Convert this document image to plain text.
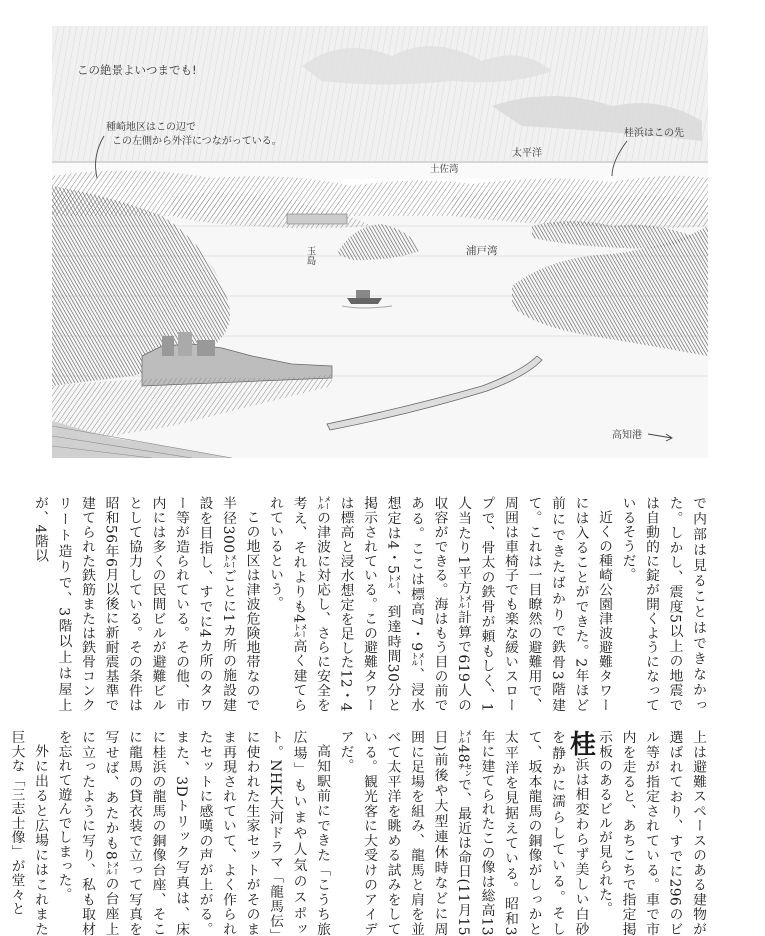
この絶景よいつまでも!
種崎地区はこの辺で
この左側から外洋につながっている。
桂浜はこの先
土佐湾
太平洋
玉島	浦戸湾
高知港

で内部は見ることはできなかった。しかし、震度5以上の地震では自動的に錠が開くようになっているそうだ。

近くの種崎公園津波避難タワーには入ることができた。2年ほど前にできたばかりで鉄骨3階建て。これは一目瞭然の避難用で、周囲は車椅子でも楽な緩いスロープで、骨太の鉄骨が頼もしく、1人当たり1平方㍍計算で619人の収容ができる。海はもう目の前である。ここは標高7・9㍍、浸水想定は4・5㍍、到達時間30分と掲示されている。この避難タワーは標高と浸水想定を足した12・4㍍の津波に対応し、さらに安全を考え、それよりも4㍍高く建てられているという。

この地区は津波危険地帯なので半径300㍍ごとに1カ所の施設建設を目指し、すでに4カ所のタワー等が造られている。その他、市内には多くの民間ビルが避難ビルとして協力している。その条件は昭和56年6月以後に新耐震基準で建てられた鉄筋または鉄骨コンクリート造りで、3階以上は屋上が、4階以

上は避難スペースのある建物が選ばれており、すでに296のビル等が指定されている。車で市内を走ると、あちこちで指定掲示板のあるビルが見られた。

桂浜は相変わらず美しい白砂を静かに濡らしている。そして、坂本龍馬の銅像がしっかと太平洋を見据えている。昭和3年に建てられたこの像は総高13㍍48㌢で、最近は命日(11月15日)前後や大型連休時などに周囲に足場を組み、龍馬と肩を並べて太平洋を眺める試みをしている。観光客に大受けのアイデアだ。

高知駅前にできた「こうち旅広場」もいまや人気のスポット。NHK大河ドラマ「龍馬伝」に使われた生家セットがそのまま再現されていて、よく作られたセットに感嘆の声が上がる。また、3Dトリック写真は、床に桂浜の龍馬の銅像台座、そこに龍馬の貸衣装で立って写真を写せば、あたかも8㍍の台座上に立ったように写り、私も取材を忘れて遊んでしまった。

外に出ると広場にはこれまた巨大な「三志士像」が堂々と
